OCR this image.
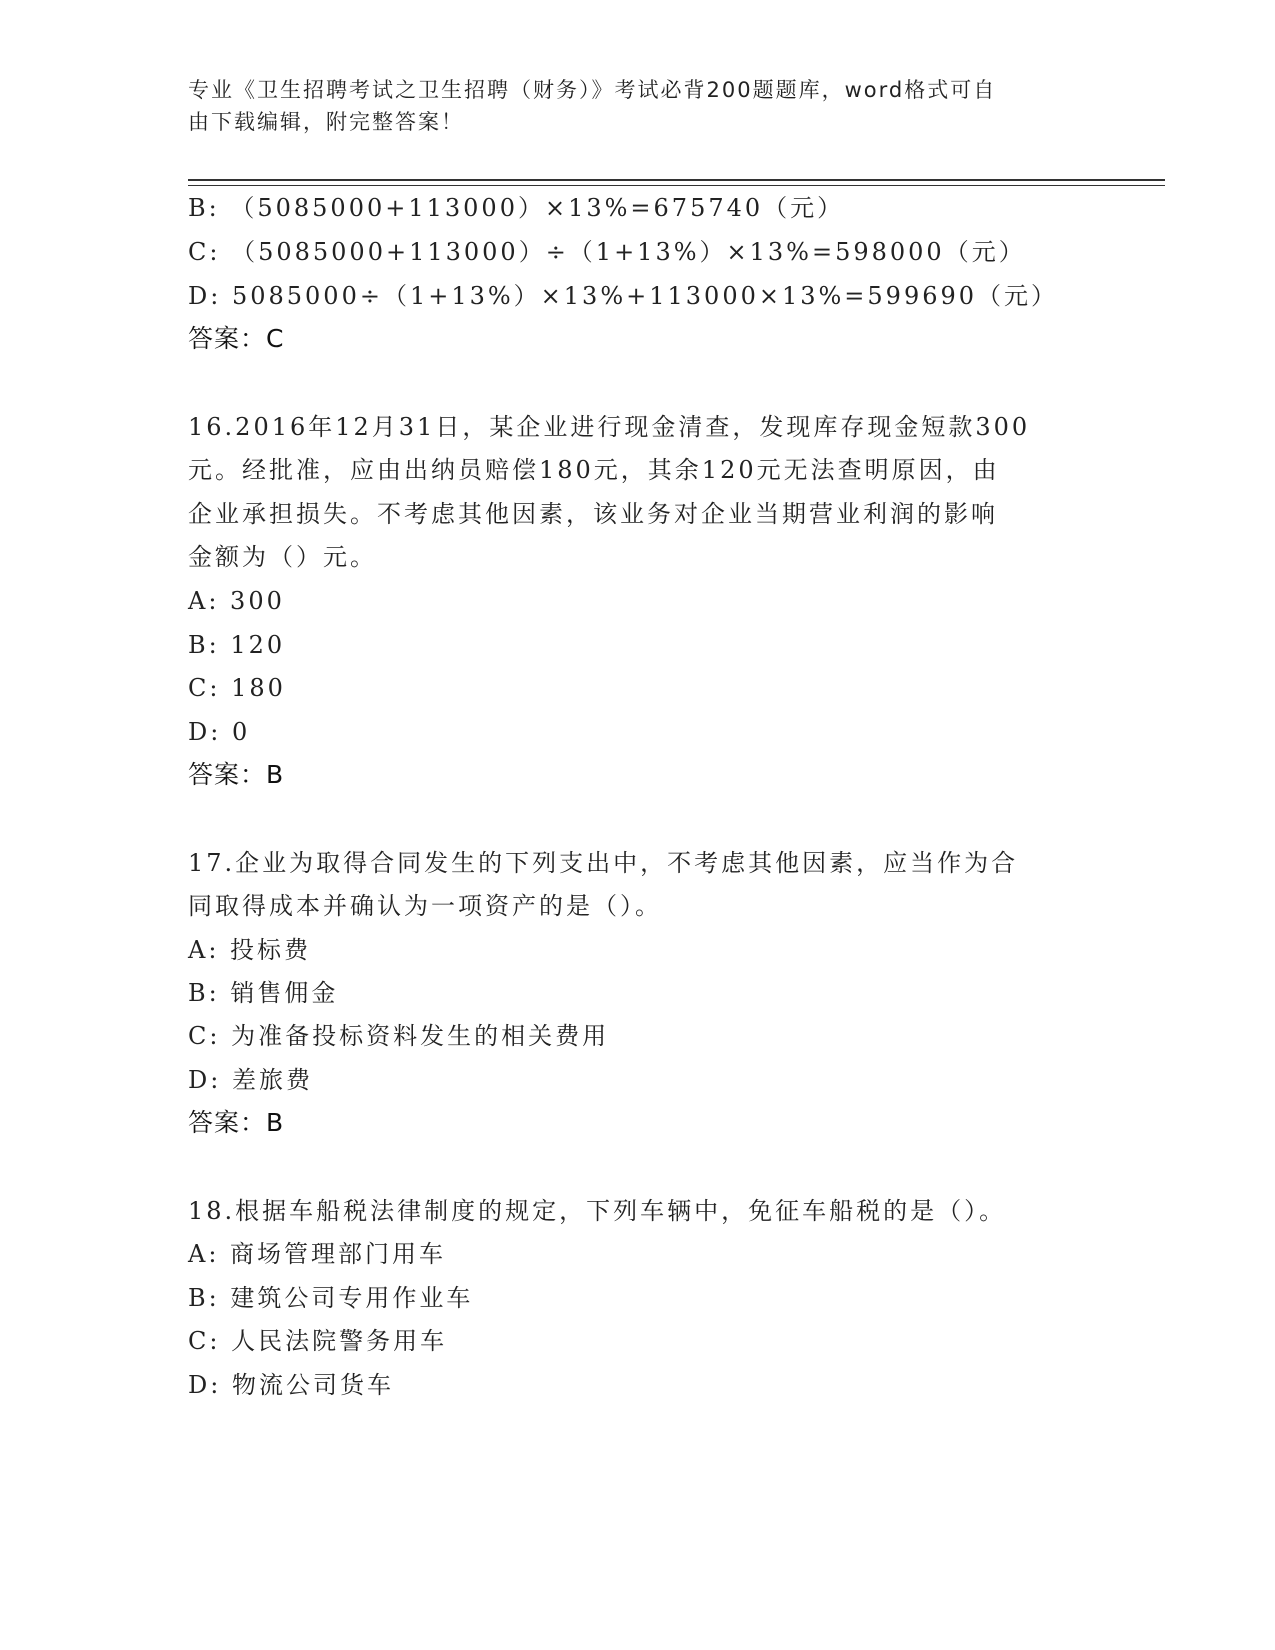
专业《卫生招聘考试之卫生招聘（财务）》考试必背200题题库，word格式可自
由下载编辑，附完整答案！
B: （5085000+113000）×13%=675740（元）
C: （5085000+113000）÷（1+13%）×13%=598000（元）
D: 5085000÷（1+13%）×13%+113000×13%=599690（元）
答案：C
16.2016年12月31日，某企业进行现金清查，发现库存现金短款300
元。经批准，应由出纳员赔偿180元，其余120元无法查明原因，由
企业承担损失。不考虑其他因素，该业务对企业当期营业利润的影响
金额为（）元。
A: 300
B: 120
C: 180
D: 0
答案：B
17.企业为取得合同发生的下列支出中，不考虑其他因素，应当作为合
同取得成本并确认为一项资产的是（）。
A: 投标费
B: 销售佣金
C: 为准备投标资料发生的相关费用
D: 差旅费
答案：B
18.根据车船税法律制度的规定，下列车辆中，免征车船税的是（）。
A: 商场管理部门用车
B: 建筑公司专用作业车
C: 人民法院警务用车
D: 物流公司货车
